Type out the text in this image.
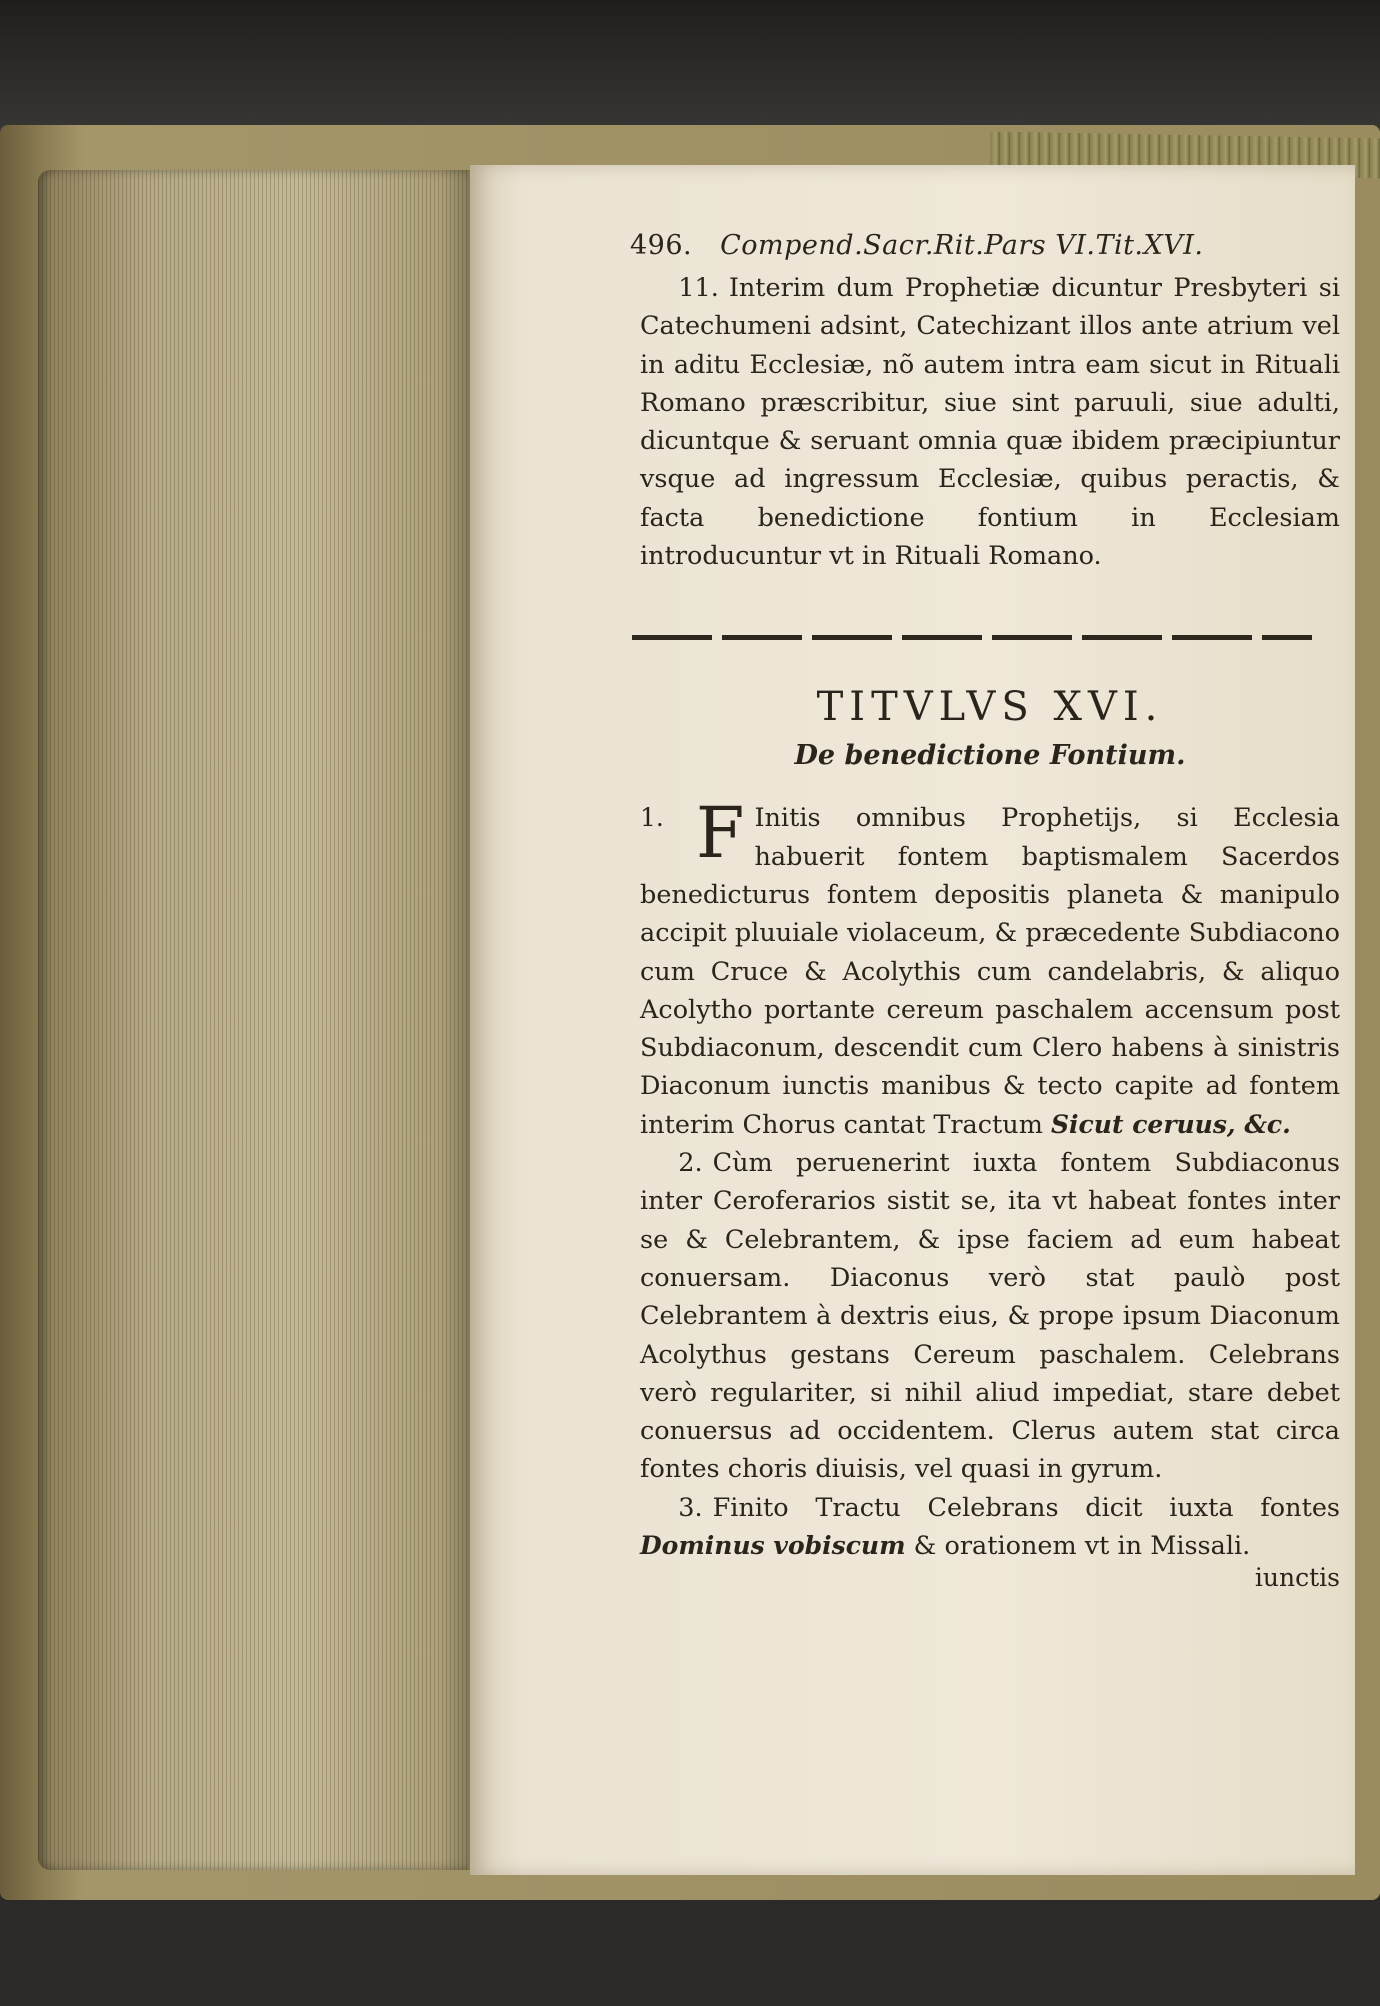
496. Compend.Sacr.Rit.Pars VI.Tit.XVI.

11. Interim dum Prophetiæ dicuntur Presbyteri si Catechumeni adsint, Catechizant illos ante atrium vel in aditu Ecclesiæ, nõ autem intra eam sicut in Rituali Romano præscribitur, siue sint paruuli, siue adulti, dicuntque & seruant omnia quæ ibidem præcipiuntur vsque ad ingressum Ecclesiæ, quibus peractis, & facta benedictione fontium in Ecclesiam introducuntur vt in Rituali Romano.

TITVLVS XVI.
De benedictione Fontium.

1. F Initis omnibus Prophetijs, si Ecclesia habuerit fontem baptismalem Sacerdos benedicturus fontem depositis planeta & manipulo accipit pluuiale violaceum, & præcedente Subdiacono cum Cruce & Acolythis cum candelabris, & aliquo Acolytho portante cereum paschalem accensum post Subdiaconum, descendit cum Clero habens à sinistris Diaconum iunctis manibus & tecto capite ad fontem interim Chorus cantat Tractum Sicut ceruus, &c.

2. Cùm peruenerint iuxta fontem Subdiaconus inter Ceroferarios sistit se, ita vt habeat fontes inter se & Celebrantem, & ipse faciem ad eum habeat conuersam. Diaconus verò stat paulò post Celebrantem à dextris eius, & prope ipsum Diaconum Acolythus gestans Cereum paschalem. Celebrans verò regulariter, si nihil aliud impediat, stare debet conuersus ad occidentem. Clerus autem stat circa fontes choris diuisis, vel quasi in gyrum.

3. Finito Tractu Celebrans dicit iuxta fontes Dominus vobiscum & orationem vt in Missali.

iunctis
